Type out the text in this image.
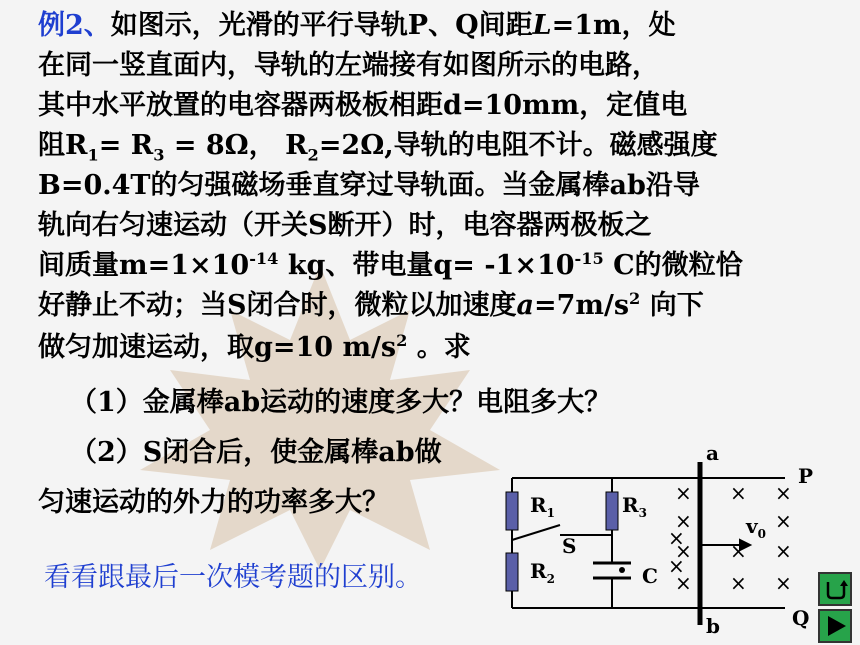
例2、如图示，光滑的平行导轨P、Q间距L=1m，处
在同一竖直面内，导轨的左端接有如图所示的电路，
其中水平放置的电容器两极板相距d=10mm，定值电
阻$R_1= R_3 = 8\Omega$， $R_2=2\Omega$,导轨的电阻不计。磁感强度
B=0.4T的匀强磁场垂直穿过导轨面。当金属棒ab沿导
轨向右匀速运动（开关S断开）时，电容器两极板之
间质量$m=1\times 10^{-14}$ kg、带电量$q= -1\times 10^{-15}$ C的微粒恰
好静止不动；当S闭合时，微粒以加速度$a=7m/s^2$ 向下
做匀加速运动，取g=10 $m/s^2$ 。求
（1）金属棒ab运动的速度多大？电阻多大？
（2）S闭合后，使金属棒ab做
匀速运动的外力的功率多大？
看看跟最后一次模考题的区别。
$R_1$
$R_2$
$R_3$
S
C
a
b
P
Q
$v_0$
× × ×
×	×
× × ×
× × ×
×
×
